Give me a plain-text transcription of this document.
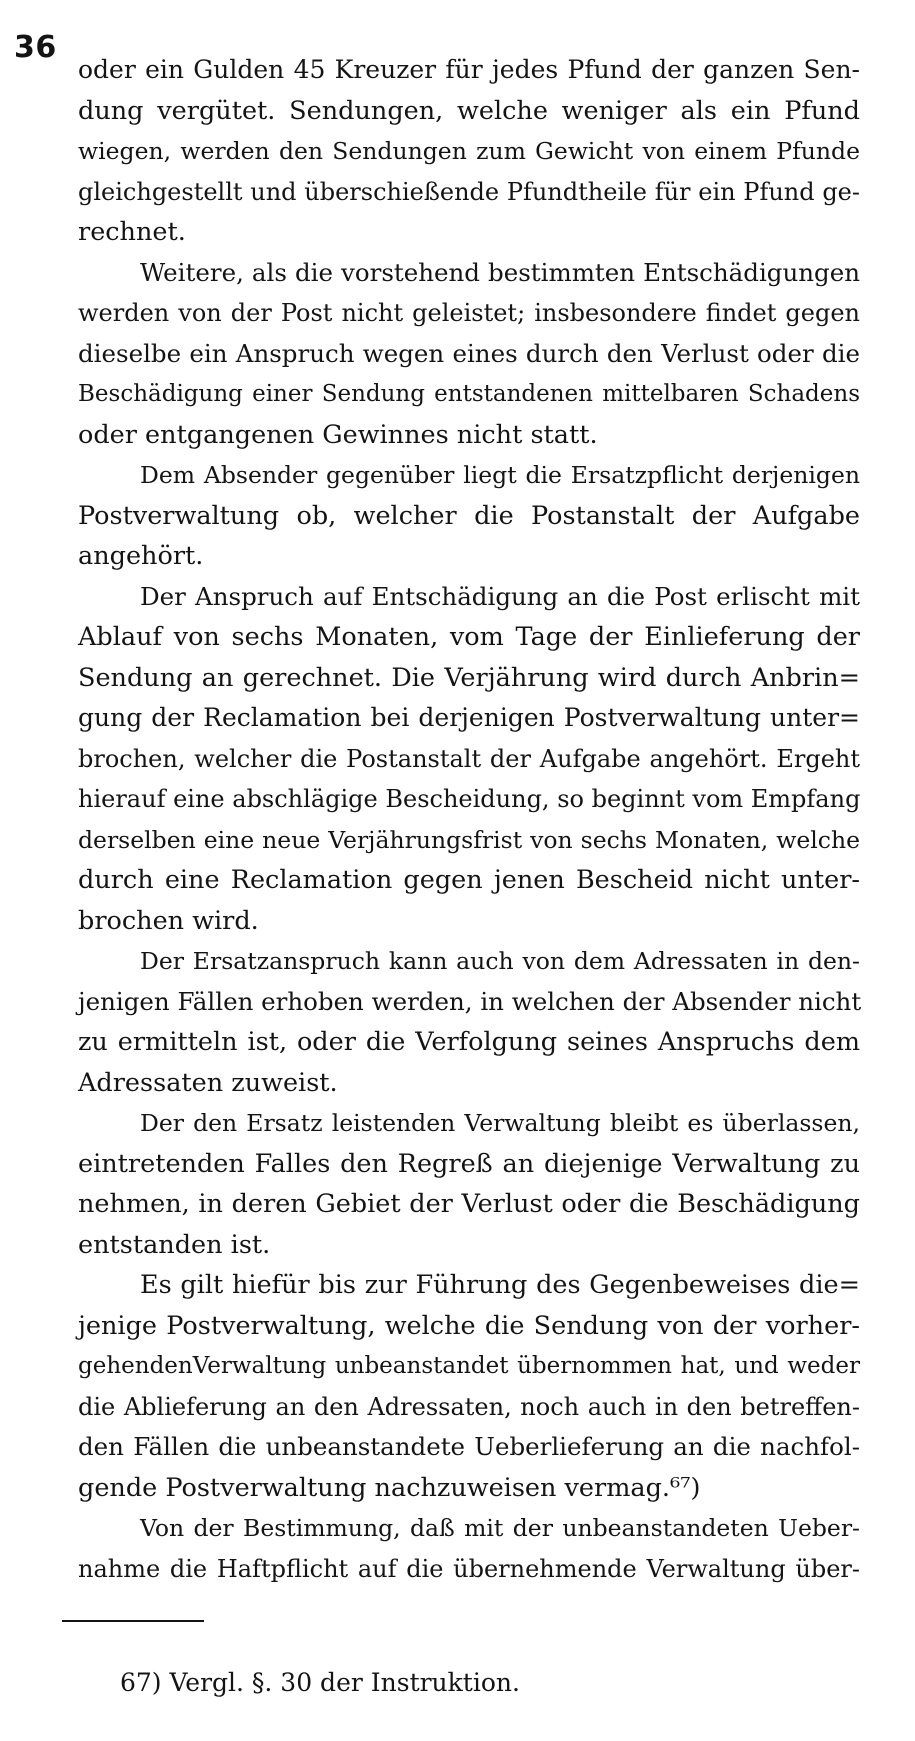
36
oder ein Gulden 45 Kreuzer für jedes Pfund der ganzen Sen-
dung vergütet. Sendungen, welche weniger als ein Pfund
wiegen, werden den Sendungen zum Gewicht von einem Pfunde
gleichgestellt und überschießende Pfundtheile für ein Pfund ge-
rechnet.
Weitere, als die vorstehend bestimmten Entschädigungen
werden von der Post nicht geleistet; insbesondere findet gegen
dieselbe ein Anspruch wegen eines durch den Verlust oder die
Beschädigung einer Sendung entstandenen mittelbaren Schadens
oder entgangenen Gewinnes nicht statt.
Dem Absender gegenüber liegt die Ersatzpflicht derjenigen
Postverwaltung ob, welcher die Postanstalt der Aufgabe
angehört.
Der Anspruch auf Entschädigung an die Post erlischt mit
Ablauf von sechs Monaten, vom Tage der Einlieferung der
Sendung an gerechnet. Die Verjährung wird durch Anbrin=
gung der Reclamation bei derjenigen Postverwaltung unter=
brochen, welcher die Postanstalt der Aufgabe angehört. Ergeht
hierauf eine abschlägige Bescheidung, so beginnt vom Empfang
derselben eine neue Verjährungsfrist von sechs Monaten, welche
durch eine Reclamation gegen jenen Bescheid nicht unter-
brochen wird.
Der Ersatzanspruch kann auch von dem Adressaten in den-
jenigen Fällen erhoben werden, in welchen der Absender nicht
zu ermitteln ist, oder die Verfolgung seines Anspruchs dem
Adressaten zuweist.
Der den Ersatz leistenden Verwaltung bleibt es überlassen,
eintretenden Falles den Regreß an diejenige Verwaltung zu
nehmen, in deren Gebiet der Verlust oder die Beschädigung
entstanden ist.
Es gilt hiefür bis zur Führung des Gegenbeweises die=
jenige Postverwaltung, welche die Sendung von der vorher-
gehendenVerwaltung unbeanstandet übernommen hat, und weder
die Ablieferung an den Adressaten, noch auch in den betreffen-
den Fällen die unbeanstandete Ueberlieferung an die nachfol-
gende Postverwaltung nachzuweisen vermag.⁶⁷)
Von der Bestimmung, daß mit der unbeanstandeten Ueber-
nahme die Haftpflicht auf die übernehmende Verwaltung über-
67) Vergl. §. 30 der Instruktion.
